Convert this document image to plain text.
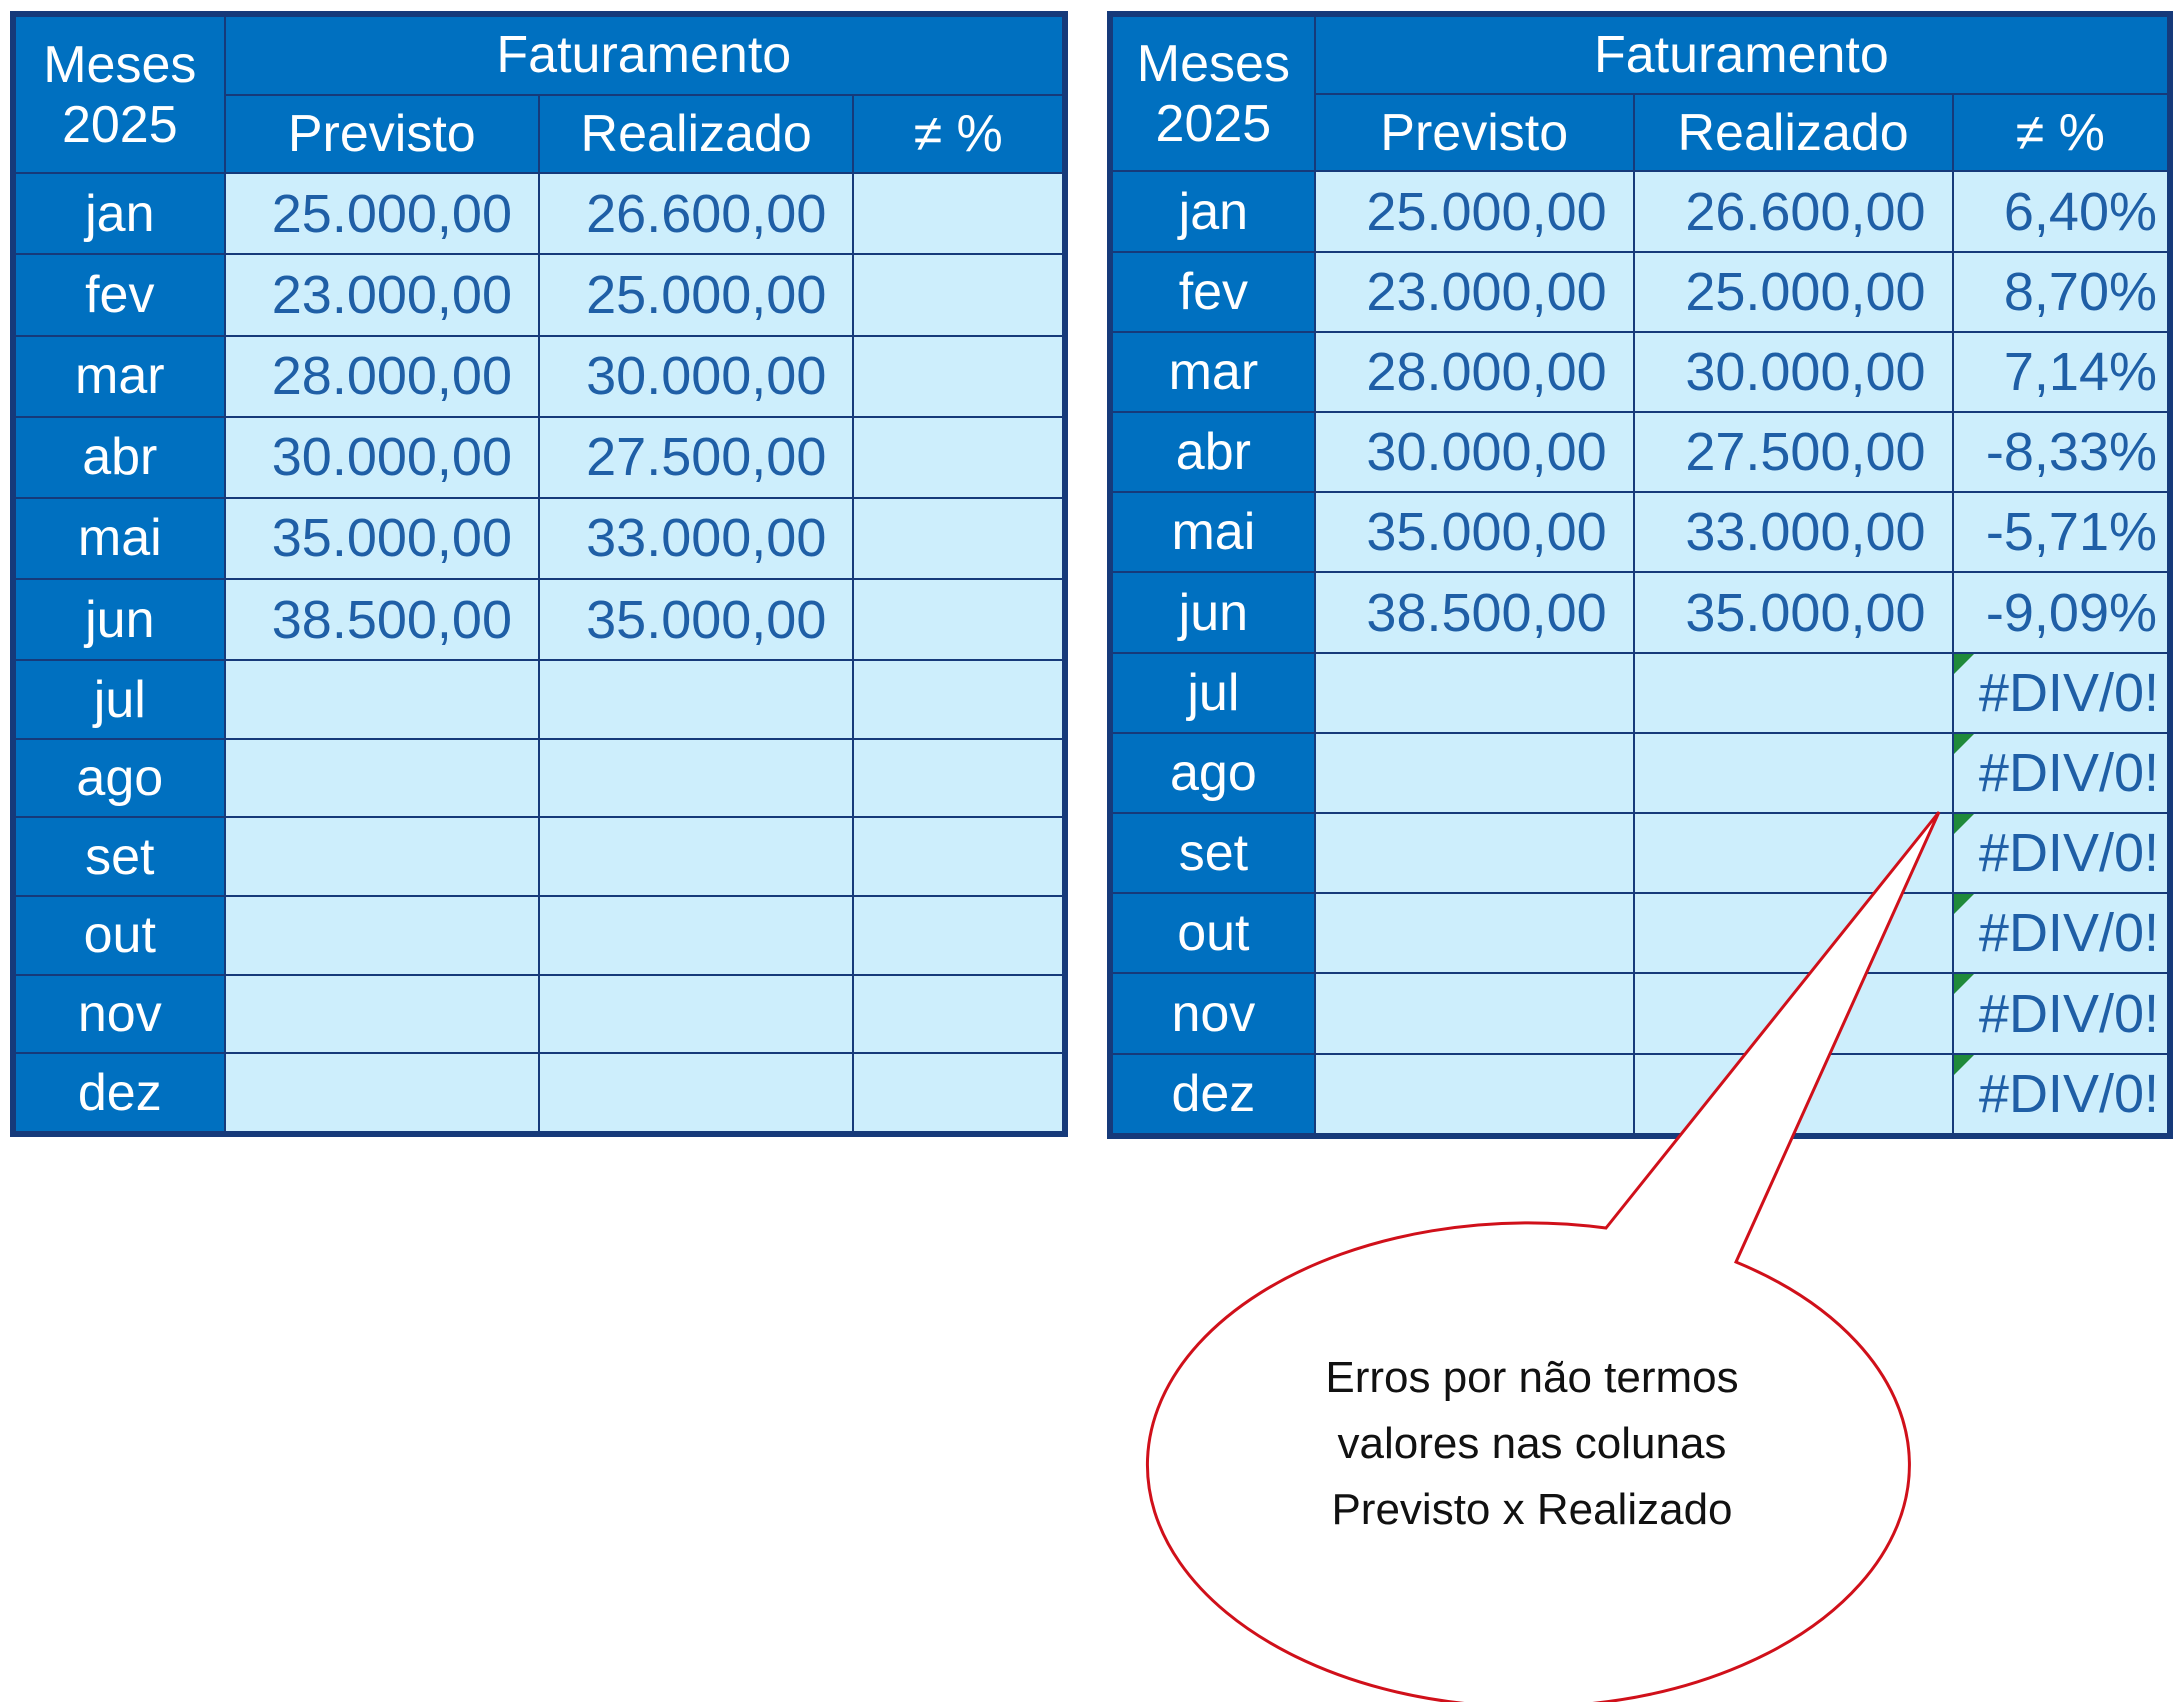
Meses
2025	Faturamento		
	Previsto	Realizado	≠ %
jan	25.000,00	26.600,00	
fev	23.000,00	25.000,00	
mar	28.000,00	30.000,00	
abr	30.000,00	27.500,00	
mai	35.000,00	33.000,00	
jun	38.500,00	35.000,00	
jul			
ago			
set			
out			
nov			
dez			
Meses
2025	Faturamento		
	Previsto	Realizado	≠ %
jan	25.000,00	26.600,00	6,40%
fev	23.000,00	25.000,00	8,70%
mar	28.000,00	30.000,00	7,14%
abr	30.000,00	27.500,00	-8,33%
mai	35.000,00	33.000,00	-5,71%
jun	38.500,00	35.000,00	-9,09%
jul			#DIV/0!
ago			#DIV/0!
set			#DIV/0!
out			#DIV/0!
nov			#DIV/0!
dez			#DIV/0!
Erros por não termos
valores nas colunas
Previsto x Realizado
